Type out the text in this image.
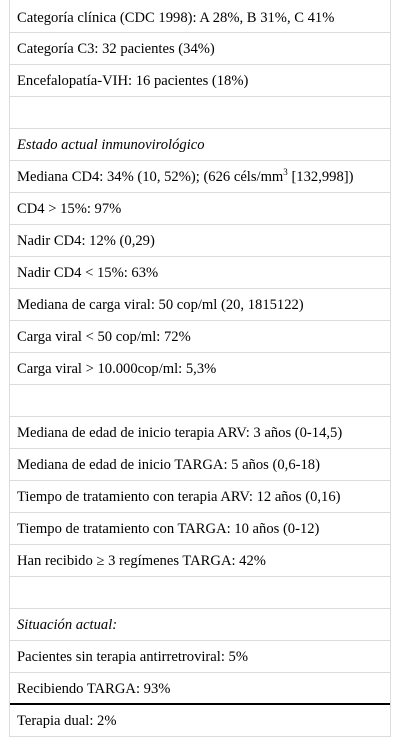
Categoría clínica (CDC 1998): A 28%, B 31%, C 41%
Categoría C3: 32 pacientes (34%)
Encefalopatía-VIH: 16 pacientes (18%)
Estado actual inmunovirológico
Mediana CD4: 34% (10, 52%); (626 céls/$mm^3$ [132,998])
CD4 > 15%: 97%
Nadir CD4: 12% (0,29)
Nadir CD4 < 15%: 63%
Mediana de carga viral: 50 cop/ml (20, 1815122)
Carga viral < 50 cop/ml: 72%
Carga viral > 10.000cop/ml: 5,3%
Mediana de edad de inicio terapia ARV: 3 años (0-14,5)
Mediana de edad de inicio TARGA: 5 años (0,6-18)
Tiempo de tratamiento con terapia ARV: 12 años (0,16)
Tiempo de tratamiento con TARGA: 10 años (0-12)
Han recibido ≥ 3 regímenes TARGA: 42%
Situación actual:
Pacientes sin terapia antirretroviral: 5%
Recibiendo TARGA: 93%
Terapia dual: 2%
